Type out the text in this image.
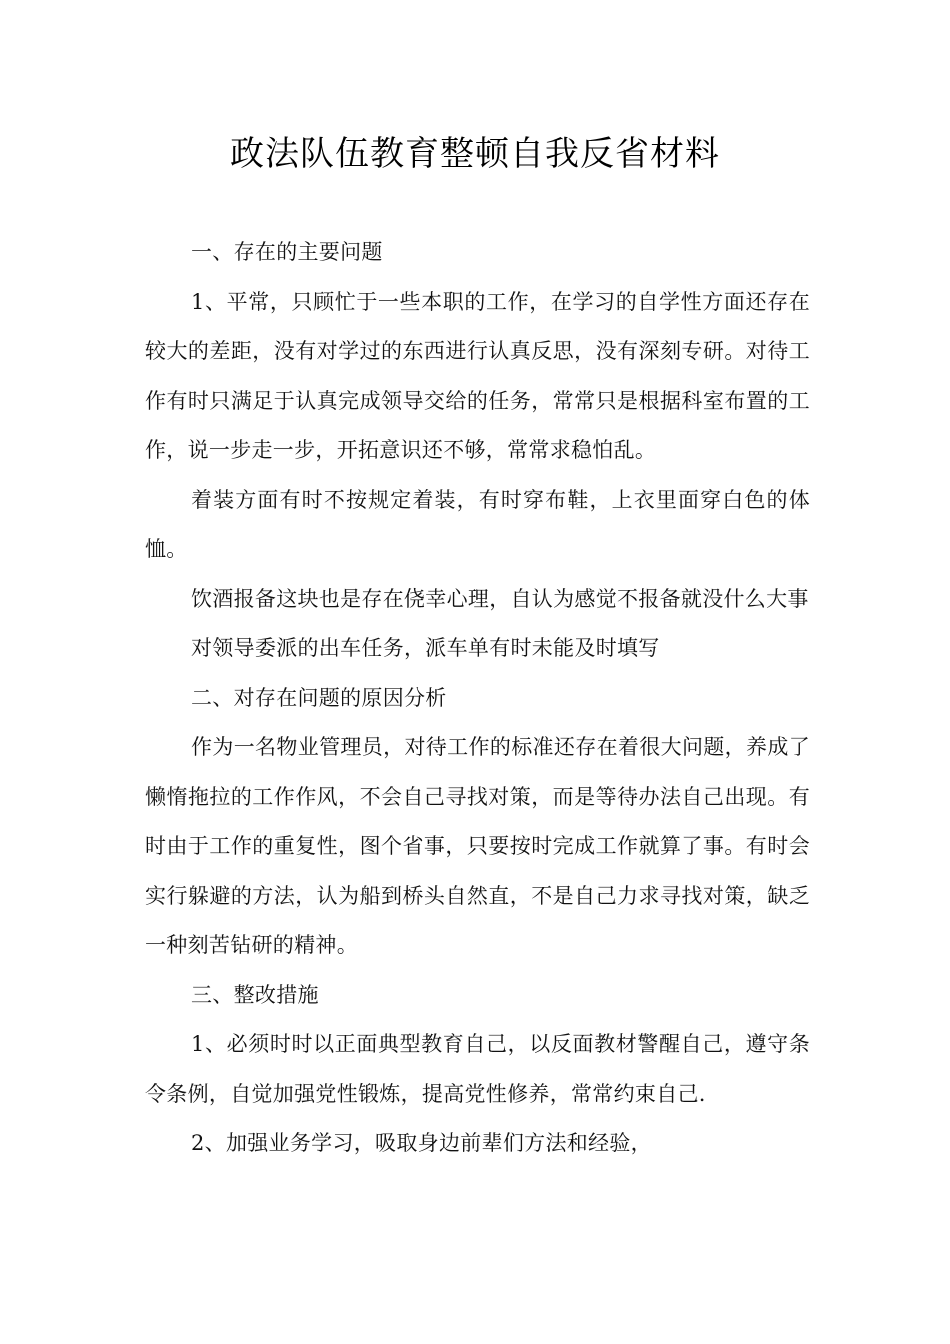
政法队伍教育整顿自我反省材料

一、存在的主要问题

1、平常，只顾忙于一些本职的工作，在学习的自学性方面还存在较大的差距，没有对学过的东西进行认真反思，没有深刻专研。对待工作有时只满足于认真完成领导交给的任务，常常只是根据科室布置的工作，说一步走一步，开拓意识还不够，常常求稳怕乱。

着装方面有时不按规定着装，有时穿布鞋，上衣里面穿白色的体恤。

饮酒报备这块也是存在侥幸心理，自认为感觉不报备就没什么大事

对领导委派的出车任务，派车单有时未能及时填写

二、对存在问题的原因分析

作为一名物业管理员，对待工作的标准还存在着很大问题，养成了懒惰拖拉的工作作风，不会自己寻找对策，而是等待办法自己出现。有时由于工作的重复性，图个省事，只要按时完成工作就算了事。有时会实行躲避的方法，认为船到桥头自然直，不是自己力求寻找对策，缺乏一种刻苦钻研的精神。

三、整改措施

1、必须时时以正面典型教育自己，以反面教材警醒自己，遵守条令条例，自觉加强党性锻炼，提高党性修养，常常约束自己.

2、加强业务学习，吸取身边前辈们方法和经验，
